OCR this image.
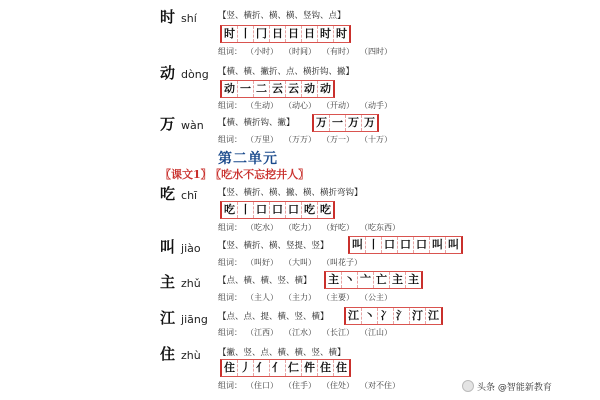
时 shí 【竖、横折、横、横、竖钩、点】
时 丨 冂 日 日 日 时 时
组词： （小时） （时间） （有时） （四时）
动 dòng 【横、横、撇折、点、横折钩、撇】
动 一 二 云 云 动 动
组词： （生动） （动心） （开动） （动手）
万 wàn 【横、横折钩、撇】 万 一 万 万
组词： （万里） （万万） （万一） （十万）
第二单元
〖课文1〗 〖吃水不忘挖井人〗
吃 chī 【竖、横折、横、撇、横、横折弯钩】
吃 丨 口 口 口 吃 吃
组词： （吃水） （吃力） （好吃） （吃东西）
叫 jiào 【竖、横折、横、竖提、竖】 叫 丨 口 口 口 叫 叫
组词： （叫好） （大叫） （叫花子）
主 zhǔ 【点、横、横、竖、横】 主 丶 亠 亡 主 主
组词： （主人） （主力） （主要） （公主）
江 jiāng 【点、点、提、横、竖、横】 江 丶 冫 氵 汀 江
组词： （江西） （江水） （长江） （江山）
住 zhù 【撇、竖、点、横、横、竖、横】
住 丿 亻 亻 仁 件 住 住
组词： （住口） （住手） （住处） （对不住）	头条 @智能新教育
